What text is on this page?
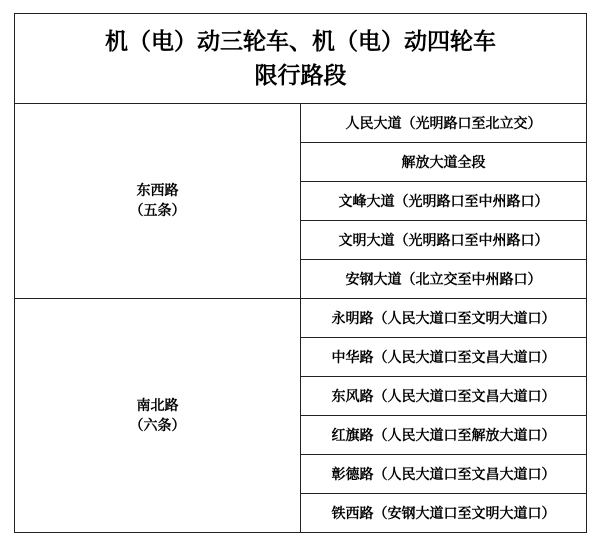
机（电）动三轮车、机（电）动四轮车
限行路段	

东西路
（五条）	人民大道（光明路口至北立交）
	解放大道全段
	文峰大道（光明路口至中州路口）
	文明大道（光明路口至中州路口）
	安钢大道（北立交至中州路口）

南北路
（六条）	永明路（人民大道口至文明大道口）
	中华路（人民大道口至文昌大道口）
	东风路（人民大道口至文昌大道口）
	红旗路（人民大道口至解放大道口）
	彰德路（人民大道口至文昌大道口）
	铁西路（安钢大道口至文明大道口）
